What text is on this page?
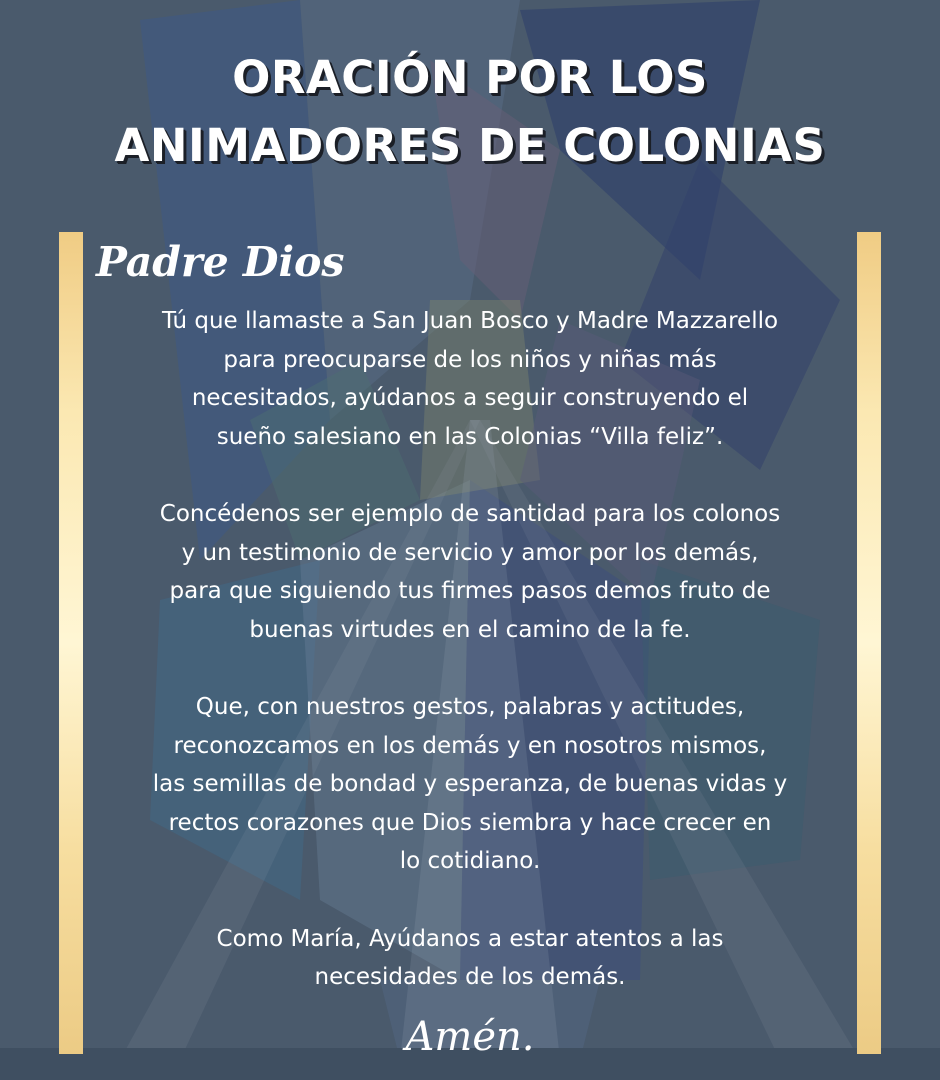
ORACIÓN POR LOS
ANIMADORES DE COLONIAS
Padre Dios

Tú que llamaste a San Juan Bosco y Madre Mazzarello
para preocuparse de los niños y niñas más
necesitados, ayúdanos a seguir construyendo el
sueño salesiano en las Colonias “Villa feliz”.

Concédenos ser ejemplo de santidad para los colonos
y un testimonio de servicio y amor por los demás,
para que siguiendo tus firmes pasos demos fruto de
buenas virtudes en el camino de la fe.

Que, con nuestros gestos, palabras y actitudes,
reconozcamos en los demás y en nosotros mismos,
las semillas de bondad y esperanza, de buenas vidas y
rectos corazones que Dios siembra y hace crecer en
lo cotidiano.

Como María, Ayúdanos a estar atentos a las
necesidades de los demás.

Amén.
